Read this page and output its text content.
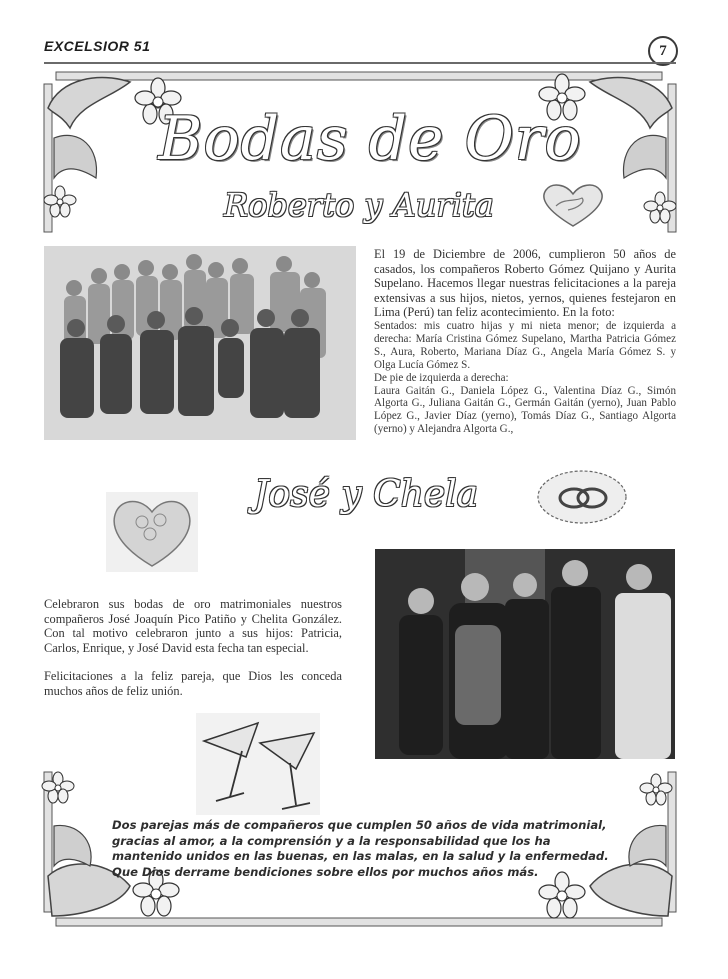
EXCELSIOR 51	7
Bodas de Oro
Roberto y Aurita

El 19 de Diciembre de 2006, cumplieron 50 años de casados, los compañeros Roberto Gómez Quijano y Aurita Supelano. Hacemos llegar nuestras felicitaciones a la pareja extensivas a sus hijos, nietos, yernos, quienes festejaron en Lima (Perú) tan feliz acontecimiento. En la foto:

Sentados: mis cuatro hijas y mi nieta menor; de izquierda a derecha: María Cristina Gómez Supelano, Martha Patricia Gómez S., Aura, Roberto, Mariana Díaz G., Angela María Gómez S. y Olga Lucía Gómez S.

De pie de izquierda a derecha:

Laura Gaitán G., Daniela López G., Valentina Díaz G., Simón Algorta G., Juliana Gaitán G., Germán Gaitán (yerno), Juan Pablo López G., Javier Díaz (yerno), Tomás Díaz G., Santiago Algorta (yerno) y Alejandra Algorta G.,

José y Chela

Celebraron sus bodas de oro matrimoniales nuestros compañeros José Joaquín Pico Patiño y Chelita González. Con tal motivo celebraron junto a sus hijos: Patricia, Carlos, Enrique, y José David esta fecha tan especial.

Felicitaciones a la feliz pareja, que Dios les conceda muchos años de feliz unión.

Dos parejas más de compañeros que cumplen 50 años de vida matrimonial, gracias al amor, a la comprensión y a la responsabilidad que los ha mantenido unidos en las buenas, en las malas, en la salud y la enfermedad. Que Dios derrame bendiciones sobre ellos por muchos años más.
